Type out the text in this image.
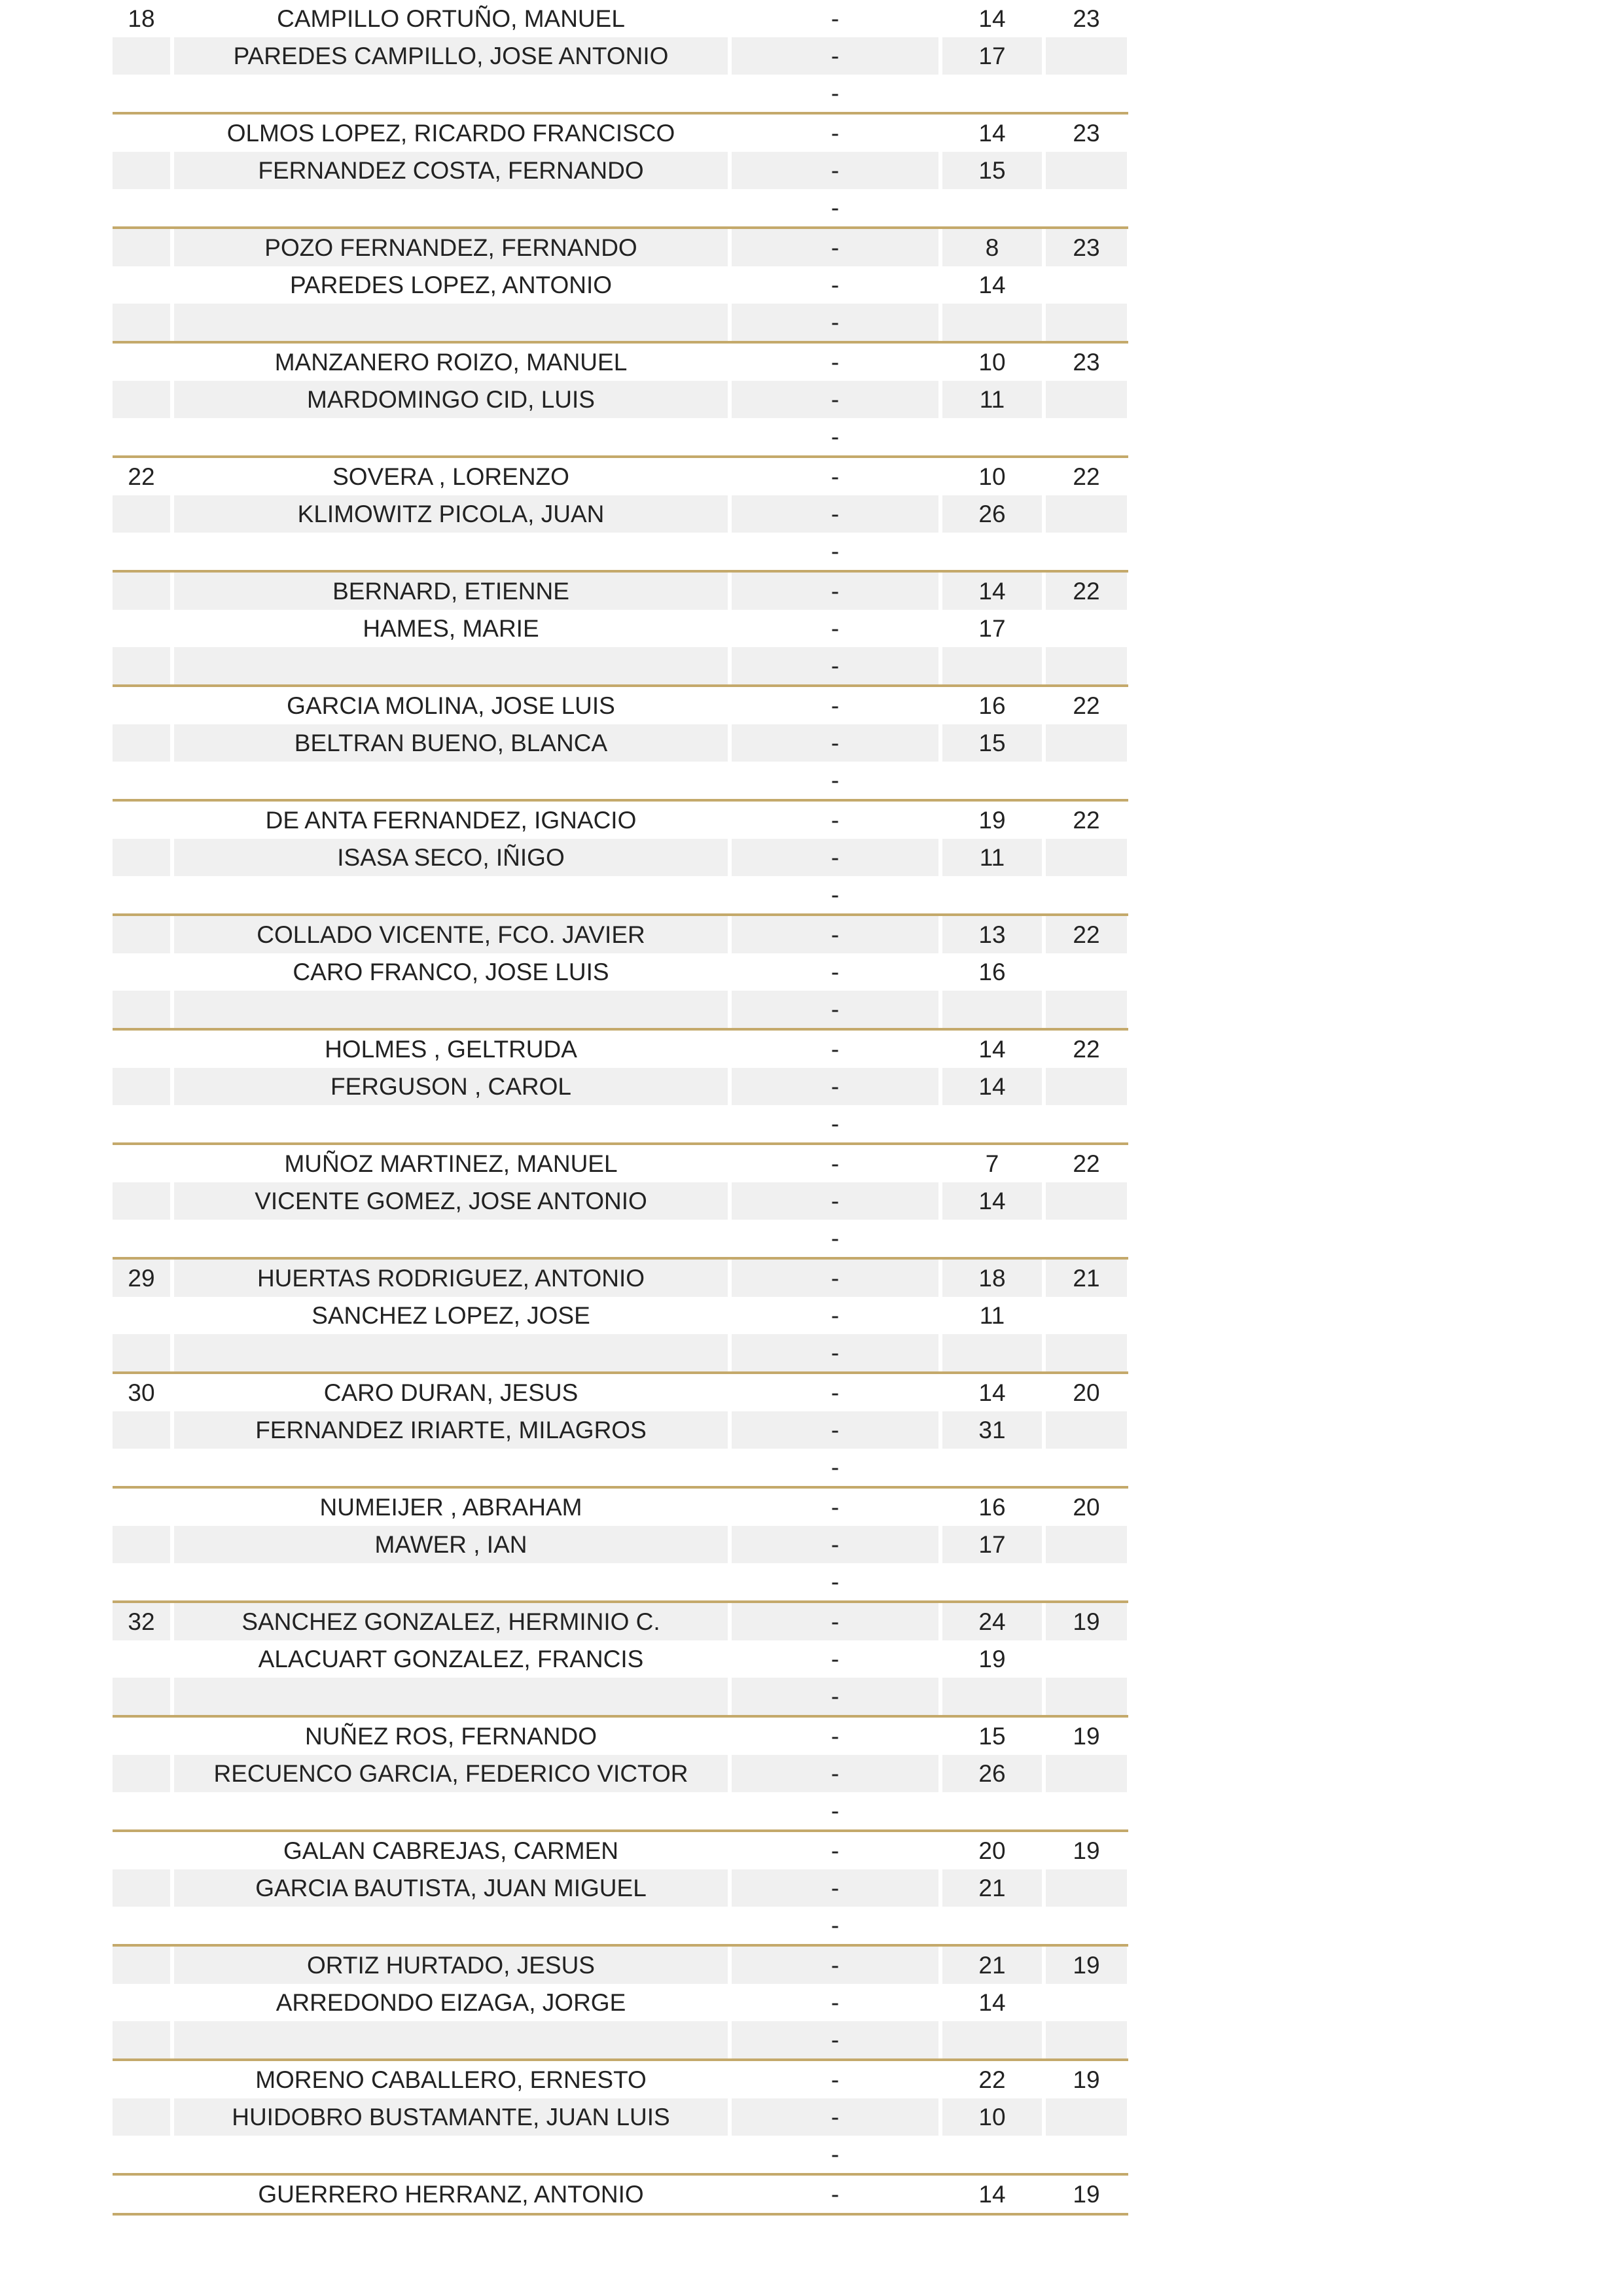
18	CAMPILLO ORTUÑO, MANUEL	-	14	23
PAREDES CAMPILLO, JOSE ANTONIO	-	17
-
OLMOS LOPEZ, RICARDO FRANCISCO	-	14	23
FERNANDEZ COSTA, FERNANDO	-	15
-
POZO FERNANDEZ, FERNANDO	-	8	23
PAREDES LOPEZ, ANTONIO	-	14
-
MANZANERO ROIZO, MANUEL	-	10	23
MARDOMINGO CID, LUIS	-	11
-
22	SOVERA , LORENZO	-	10	22
KLIMOWITZ PICOLA, JUAN	-	26
-
BERNARD, ETIENNE	-	14	22
HAMES, MARIE	-	17
-
GARCIA MOLINA, JOSE LUIS	-	16	22
BELTRAN BUENO, BLANCA	-	15
-
DE ANTA FERNANDEZ, IGNACIO	-	19	22
ISASA SECO, IÑIGO	-	11
-
COLLADO VICENTE, FCO. JAVIER	-	13	22
CARO FRANCO, JOSE LUIS	-	16
-
HOLMES , GELTRUDA	-	14	22
FERGUSON , CAROL	-	14
-
MUÑOZ MARTINEZ, MANUEL	-	7	22
VICENTE GOMEZ, JOSE ANTONIO	-	14
-
29	HUERTAS RODRIGUEZ, ANTONIO	-	18	21
SANCHEZ LOPEZ, JOSE	-	11
-
30	CARO DURAN, JESUS	-	14	20
FERNANDEZ IRIARTE, MILAGROS	-	31
-
NUMEIJER , ABRAHAM	-	16	20
MAWER , IAN	-	17
-
32	SANCHEZ GONZALEZ, HERMINIO C.	-	24	19
ALACUART GONZALEZ, FRANCIS	-	19
-
NUÑEZ ROS, FERNANDO	-	15	19
RECUENCO GARCIA, FEDERICO VICTOR	-	26
-
GALAN CABREJAS, CARMEN	-	20	19
GARCIA BAUTISTA, JUAN MIGUEL	-	21
-
ORTIZ HURTADO, JESUS	-	21	19
ARREDONDO EIZAGA, JORGE	-	14
-
MORENO CABALLERO, ERNESTO	-	22	19
HUIDOBRO BUSTAMANTE, JUAN LUIS	-	10
-
GUERRERO HERRANZ, ANTONIO	-	14	19
